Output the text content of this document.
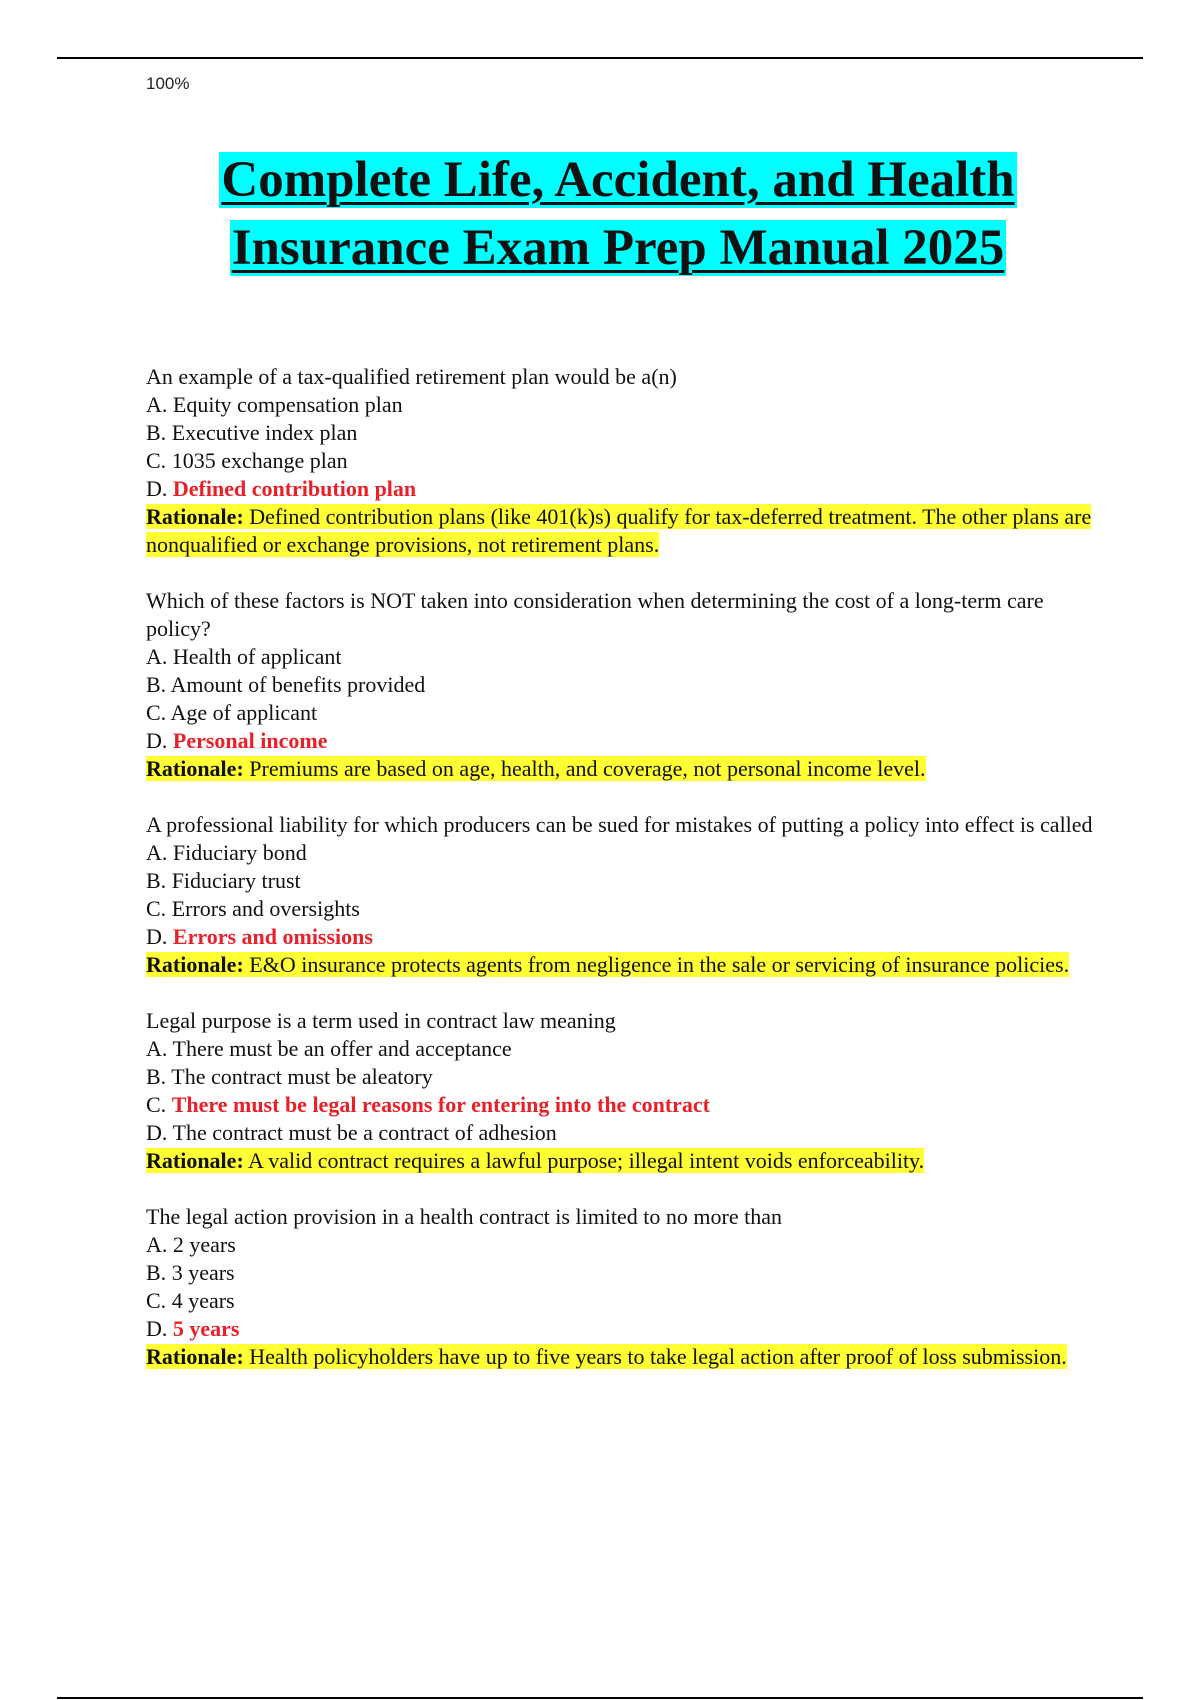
100%
Complete Life, Accident, and Health
Insurance Exam Prep Manual 2025

An example of a tax-qualified retirement plan would be a(n)

A. Equity compensation plan

B. Executive index plan

C. 1035 exchange plan

D. Defined contribution plan

Rationale: Defined contribution plans (like 401(k)s) qualify for tax-deferred treatment. The other plans are nonqualified or exchange provisions, not retirement plans.

Which of these factors is NOT taken into consideration when determining the cost of a long-term care policy?

A. Health of applicant

B. Amount of benefits provided

C. Age of applicant

D. Personal income

Rationale: Premiums are based on age, health, and coverage, not personal income level.

A professional liability for which producers can be sued for mistakes of putting a policy into effect is called

A. Fiduciary bond

B. Fiduciary trust

C. Errors and oversights

D. Errors and omissions

Rationale: E&O insurance protects agents from negligence in the sale or servicing of insurance policies.

Legal purpose is a term used in contract law meaning

A. There must be an offer and acceptance

B. The contract must be aleatory

C. There must be legal reasons for entering into the contract

D. The contract must be a contract of adhesion

Rationale: A valid contract requires a lawful purpose; illegal intent voids enforceability.

The legal action provision in a health contract is limited to no more than

A. 2 years

B. 3 years

C. 4 years

D. 5 years

Rationale: Health policyholders have up to five years to take legal action after proof of loss submission.
